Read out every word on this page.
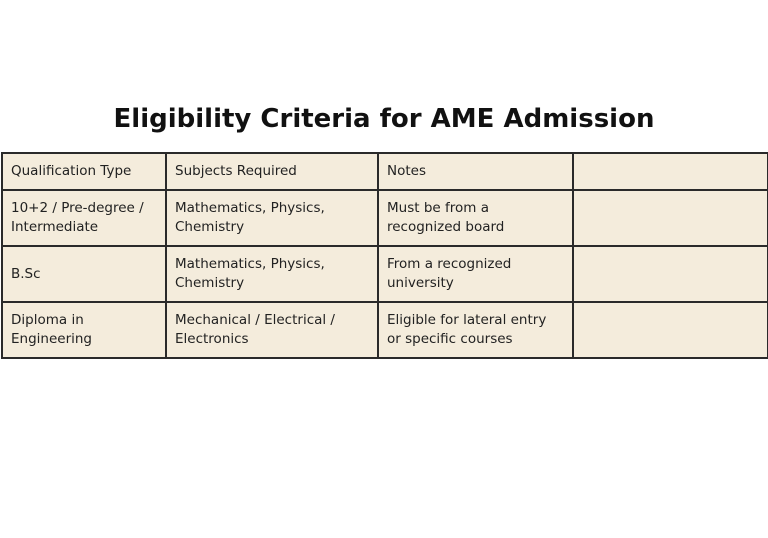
Eligibility Criteria for AME Admission
Qualification Type	Subjects Required	Notes	
10+2 / Pre-degree / Intermediate	Mathematics, Physics, Chemistry	Must be from a recognized board	
B.Sc	Mathematics, Physics, Chemistry	From a recognized university	
Diploma in Engineering	Mechanical / Electrical / Electronics	Eligible for lateral entry or specific courses	
